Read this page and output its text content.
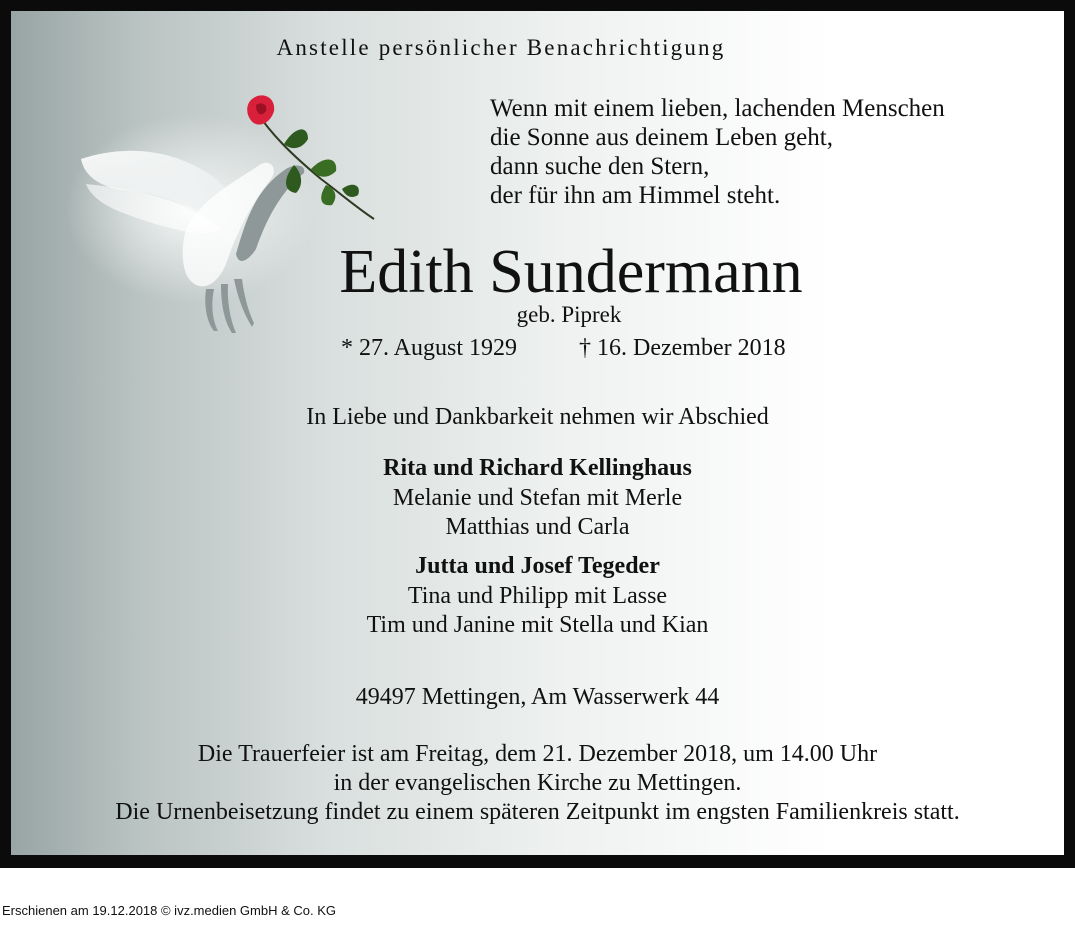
Anstelle persönlicher Benachrichtigung
Wenn mit einem lieben, lachenden Menschen
die Sonne aus deinem Leben geht,
dann suche den Stern,
der für ihn am Himmel steht.
Edith Sundermann
geb. Piprek
* 27. August 1929	† 16. Dezember 2018
In Liebe und Dankbarkeit nehmen wir Abschied
Rita und Richard Kellinghaus
Melanie und Stefan mit Merle
Matthias und Carla
Jutta und Josef Tegeder
Tina und Philipp mit Lasse
Tim und Janine mit Stella und Kian
49497 Mettingen, Am Wasserwerk 44
Die Trauerfeier ist am Freitag, dem 21. Dezember 2018, um 14.00 Uhr
in der evangelischen Kirche zu Mettingen.
Die Urnenbeisetzung findet zu einem späteren Zeitpunkt im engsten Familienkreis statt.
Erschienen am 19.12.2018 © ivz.medien GmbH & Co. KG
